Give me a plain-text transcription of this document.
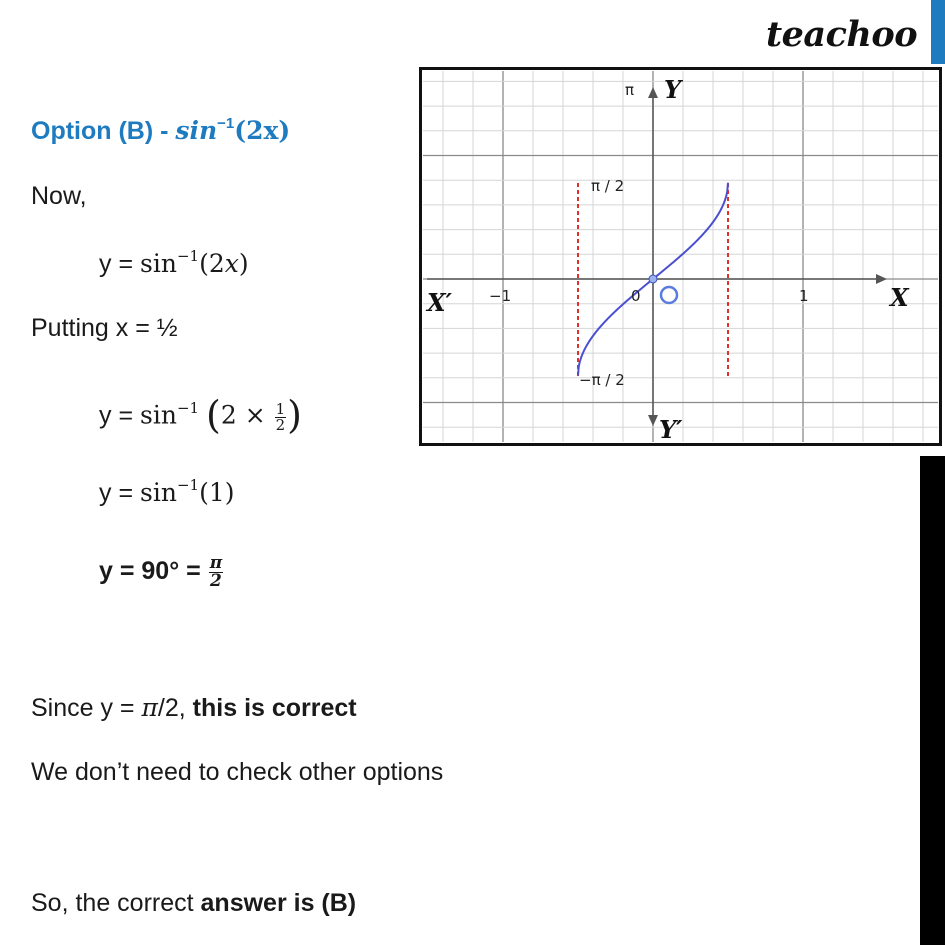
teachoo
Option $(B) - \sin^{-1}(2x)$
Now,
$y = \sin^{-1}(2x)$
Putting x = ½
$y = \sin^{-1} (2 \times \frac{1}{2}$ )
$y = \sin^{-1}(1)$
$y = 90^\circ = \frac{\pi}{2}$
Since y = π/2, this is correct
We don’t need to check other options
So, the correct answer is (B)
π Y
π / 2
−π / 2
X′	X
−1	0	1
Y′
